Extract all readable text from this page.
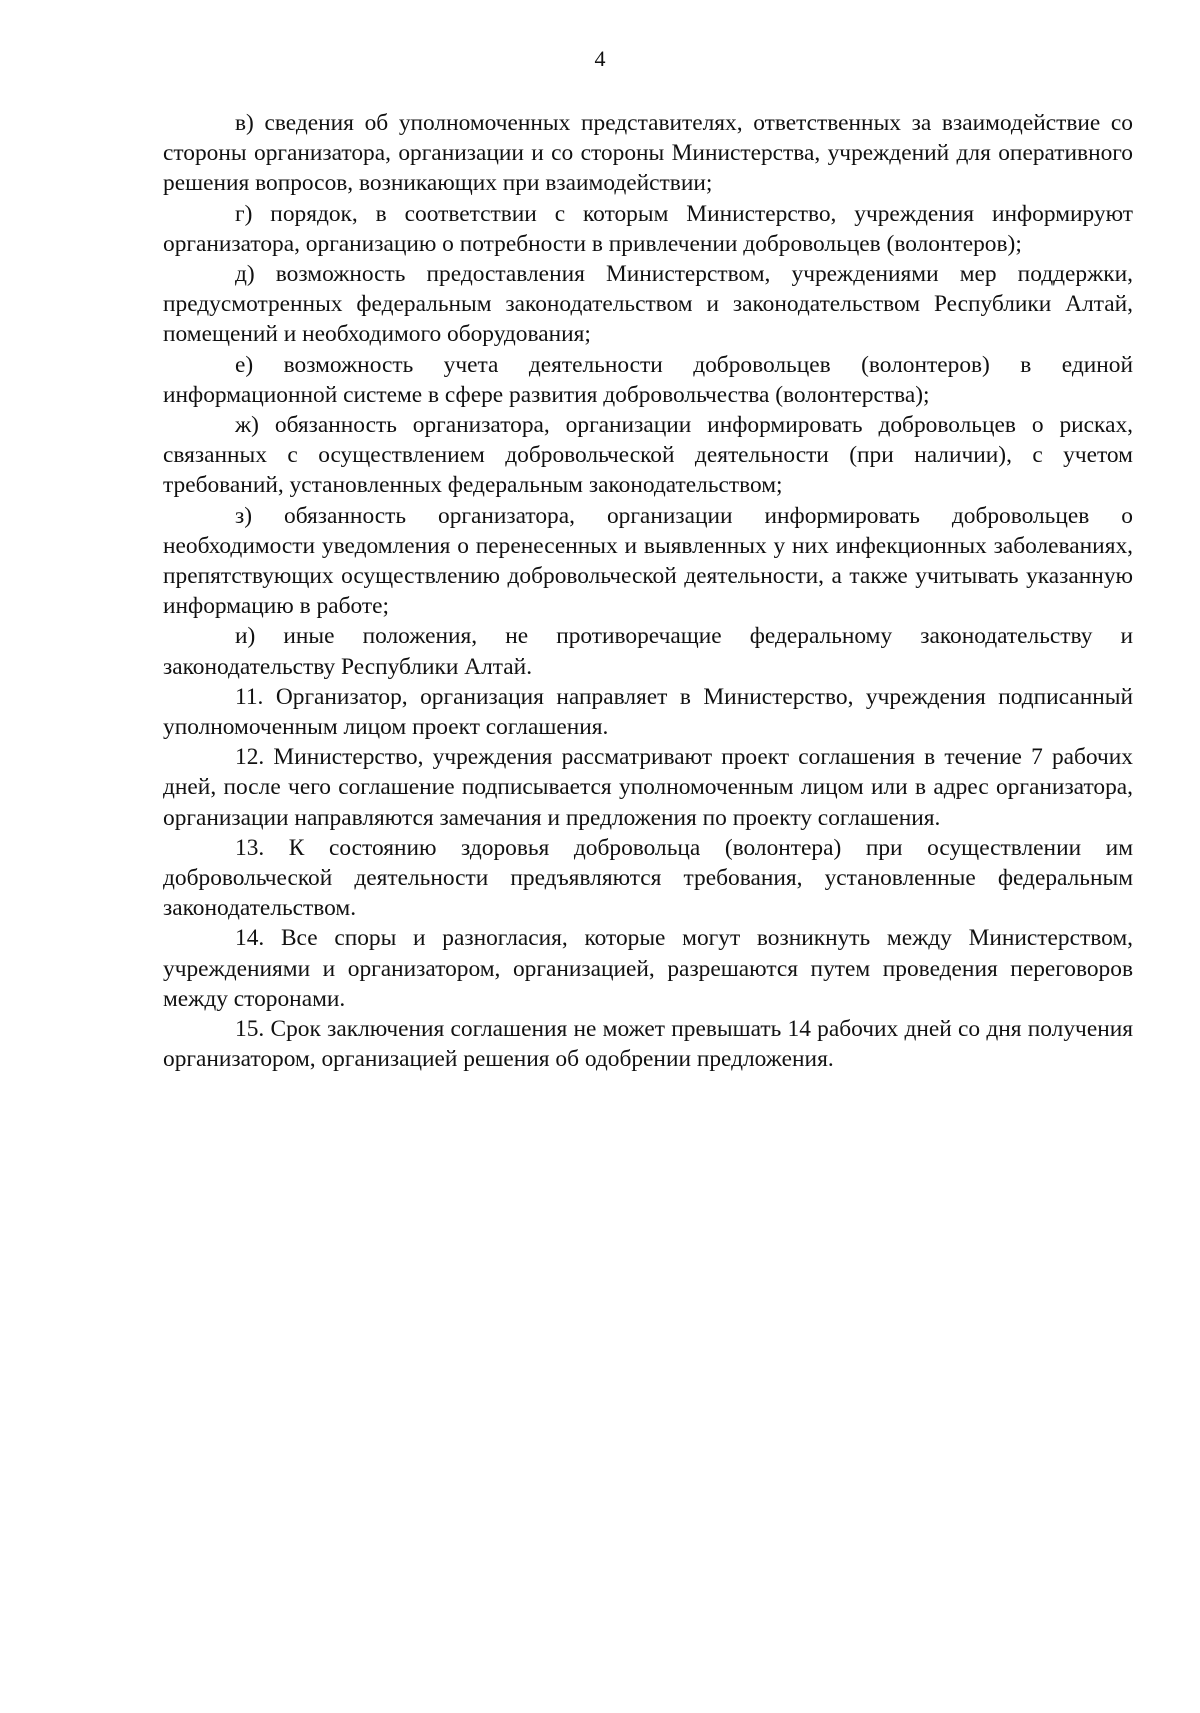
4

в) сведения об уполномоченных представителях, ответственных за взаимодействие со стороны организатора, организации и со стороны Министерства, учреждений для оперативного решения вопросов, возникающих при взаимодействии;

г) порядок, в соответствии с которым Министерство, учреждения информируют организатора, организацию о потребности в привлечении добровольцев (волонтеров);

д) возможность предоставления Министерством, учреждениями мер поддержки, предусмотренных федеральным законодательством и законодательством Республики Алтай, помещений и необходимого оборудования;

е) возможность учета деятельности добровольцев (волонтеров) в единой информационной системе в сфере развития добровольчества (волонтерства);

ж) обязанность организатора, организации информировать добровольцев о рисках, связанных с осуществлением добровольческой деятельности (при наличии), с учетом требований, установленных федеральным законодательством;

з) обязанность организатора, организации информировать добровольцев о необходимости уведомления о перенесенных и выявленных у них инфекционных заболеваниях, препятствующих осуществлению добровольческой деятельности, а также учитывать указанную информацию в работе;

и) иные положения, не противоречащие федеральному законодательству и законодательству Республики Алтай.

11. Организатор, организация направляет в Министерство, учреждения подписанный уполномоченным лицом проект соглашения.

12. Министерство, учреждения рассматривают проект соглашения в течение 7 рабочих дней, после чего соглашение подписывается уполномоченным лицом или в адрес организатора, организации направляются замечания и предложения по проекту соглашения.

13. К состоянию здоровья добровольца (волонтера) при осуществлении им добровольческой деятельности предъявляются требования, установленные федеральным законодательством.

14. Все споры и разногласия, которые могут возникнуть между Министерством, учреждениями и организатором, организацией, разрешаются путем проведения переговоров между сторонами.

15. Срок заключения соглашения не может превышать 14 рабочих дней со дня получения организатором, организацией решения об одобрении предложения.
